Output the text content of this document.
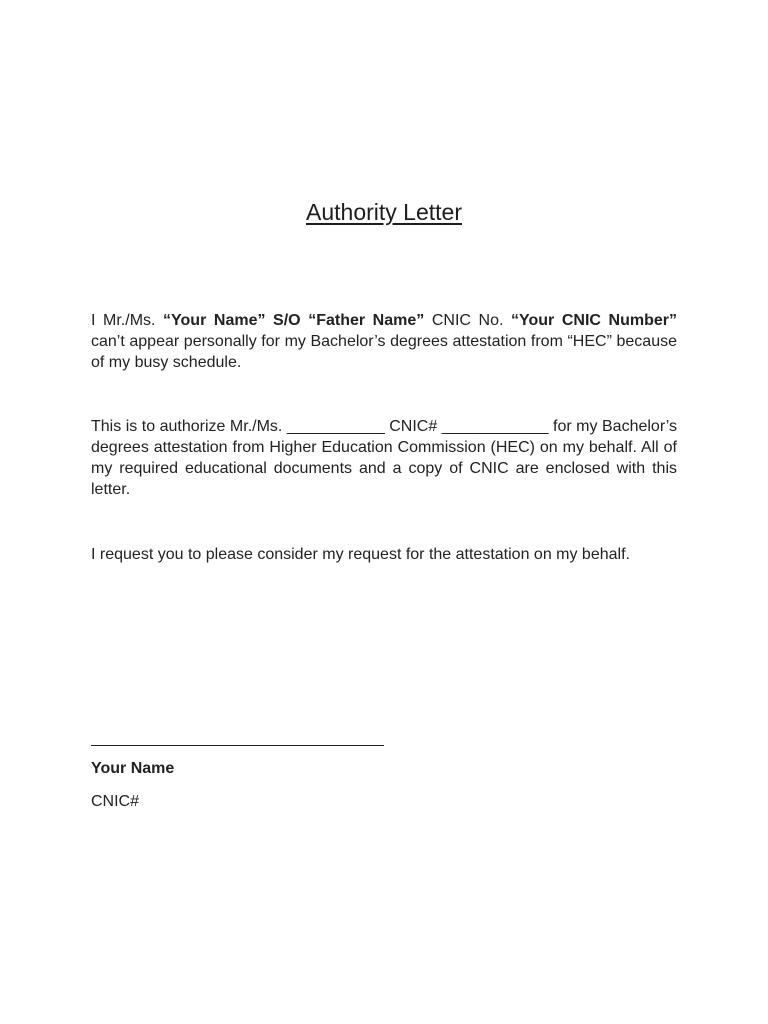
Authority Letter
I Mr./Ms. “Your Name” S/O “Father Name” CNIC No. “Your CNIC Number” can’t appear personally for my Bachelor’s degrees attestation from “HEC” because of my busy schedule.
This is to authorize Mr./Ms. ___________ CNIC# ____________ for my Bachelor’s degrees attestation from Higher Education Commission (HEC) on my behalf. All of my required educational documents and a copy of CNIC are enclosed with this letter.
I request you to please consider my request for the attestation on my behalf.
Your Name
CNIC#
